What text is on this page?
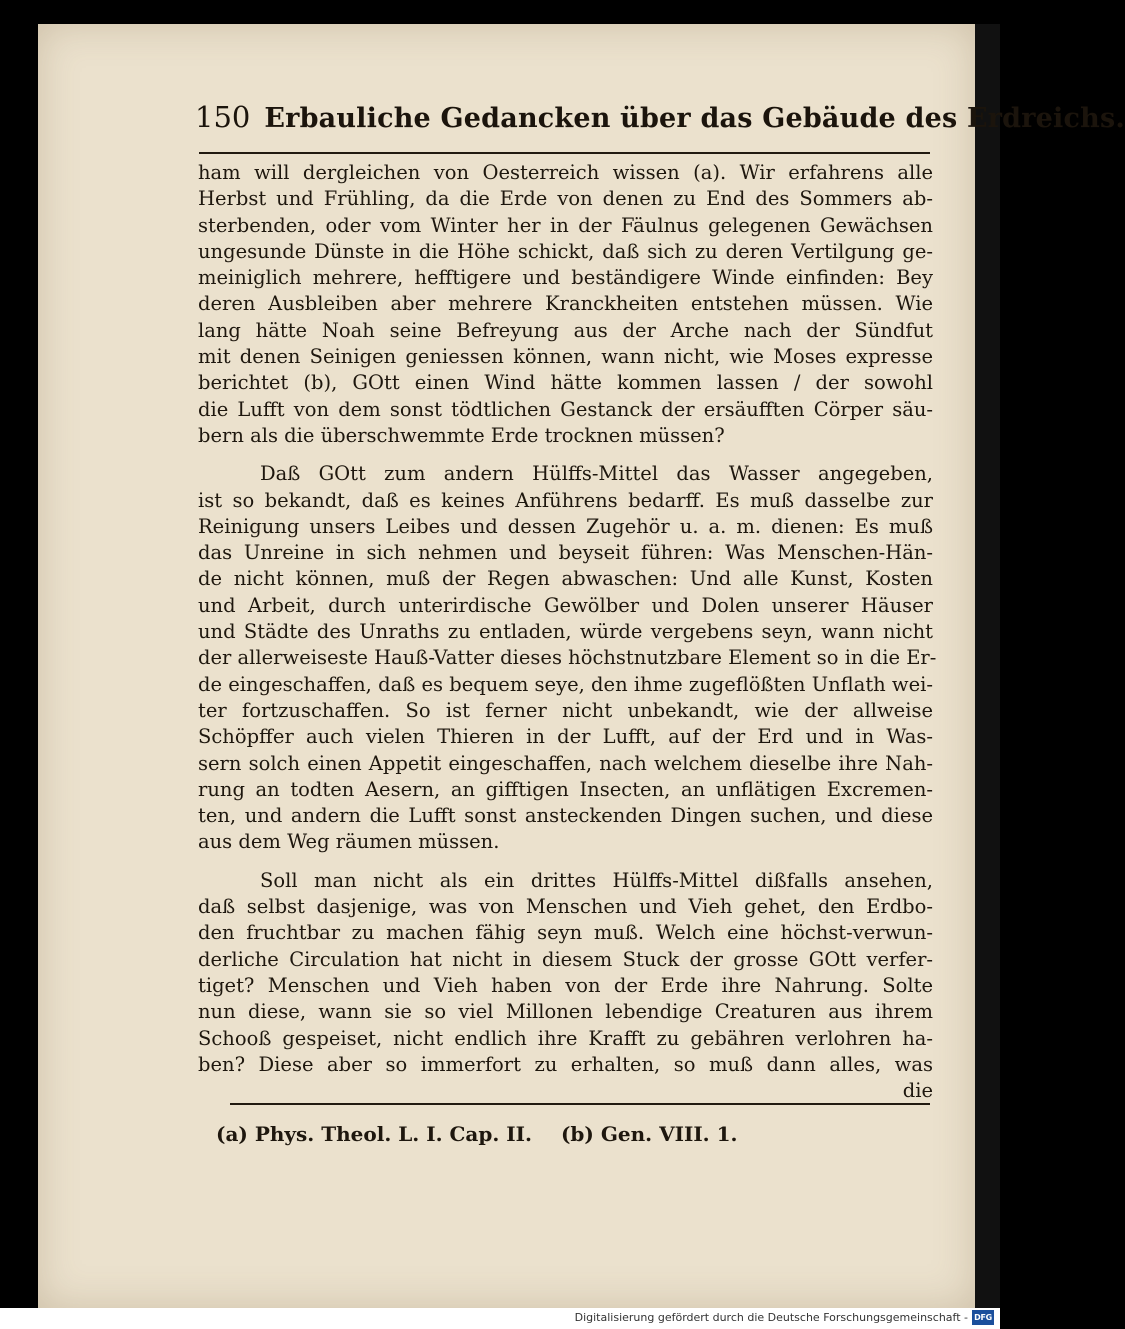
150 Erbauliche Gedancken über das Gebäude des Erdreichs.
ham will dergleichen von Oesterreich wissen (a). Wir erfahrens alle
Herbst und Frühling, da die Erde von denen zu End des Sommers ab-
sterbenden, oder vom Winter her in der Fäulnus gelegenen Gewächsen
ungesunde Dünste in die Höhe schickt, daß sich zu deren Vertilgung ge-
meiniglich mehrere, hefftigere und beständigere Winde einfinden: Bey
deren Ausbleiben aber mehrere Kranckheiten entstehen müssen. Wie
lang hätte Noah seine Befreyung aus der Arche nach der Sündfut
mit denen Seinigen geniessen können, wann nicht, wie Moses expresse
berichtet (b), GOtt einen Wind hätte kommen lassen / der sowohl
die Lufft von dem sonst tödtlichen Gestanck der ersäufften Cörper säu-
bern als die überschwemmte Erde trocknen müssen?
Daß GOtt zum andern Hülffs-Mittel das Wasser angegeben,
ist so bekandt, daß es keines Anführens bedarff. Es muß dasselbe zur
Reinigung unsers Leibes und dessen Zugehör u. a. m. dienen: Es muß
das Unreine in sich nehmen und beyseit führen: Was Menschen-Hän-
de nicht können, muß der Regen abwaschen: Und alle Kunst, Kosten
und Arbeit, durch unterirdische Gewölber und Dolen unserer Häuser
und Städte des Unraths zu entladen, würde vergebens seyn, wann nicht
der allerweiseste Hauß-Vatter dieses höchstnutzbare Element so in die Er-
de eingeschaffen, daß es bequem seye, den ihme zugeflößten Unflath wei-
ter fortzuschaffen. So ist ferner nicht unbekandt, wie der allweise
Schöpffer auch vielen Thieren in der Lufft, auf der Erd und in Was-
sern solch einen Appetit eingeschaffen, nach welchem dieselbe ihre Nah-
rung an todten Aesern, an gifftigen Insecten, an unflätigen Excremen-
ten, und andern die Lufft sonst ansteckenden Dingen suchen, und diese
aus dem Weg räumen müssen.
Soll man nicht als ein drittes Hülffs-Mittel dißfalls ansehen,
daß selbst dasjenige, was von Menschen und Vieh gehet, den Erdbo-
den fruchtbar zu machen fähig seyn muß. Welch eine höchst-verwun-
derliche Circulation hat nicht in diesem Stuck der grosse GOtt verfer-
tiget? Menschen und Vieh haben von der Erde ihre Nahrung. Solte
nun diese, wann sie so viel Millonen lebendige Creaturen aus ihrem
Schooß gespeiset, nicht endlich ihre Krafft zu gebähren verlohren ha-
ben? Diese aber so immerfort zu erhalten, so muß dann alles, was
die
(a) Phys. Theol. L. I. Cap. II. (b) Gen. VIII. 1.
Digitalisierung gefördert durch die Deutsche Forschungsgemeinschaft - DFG
